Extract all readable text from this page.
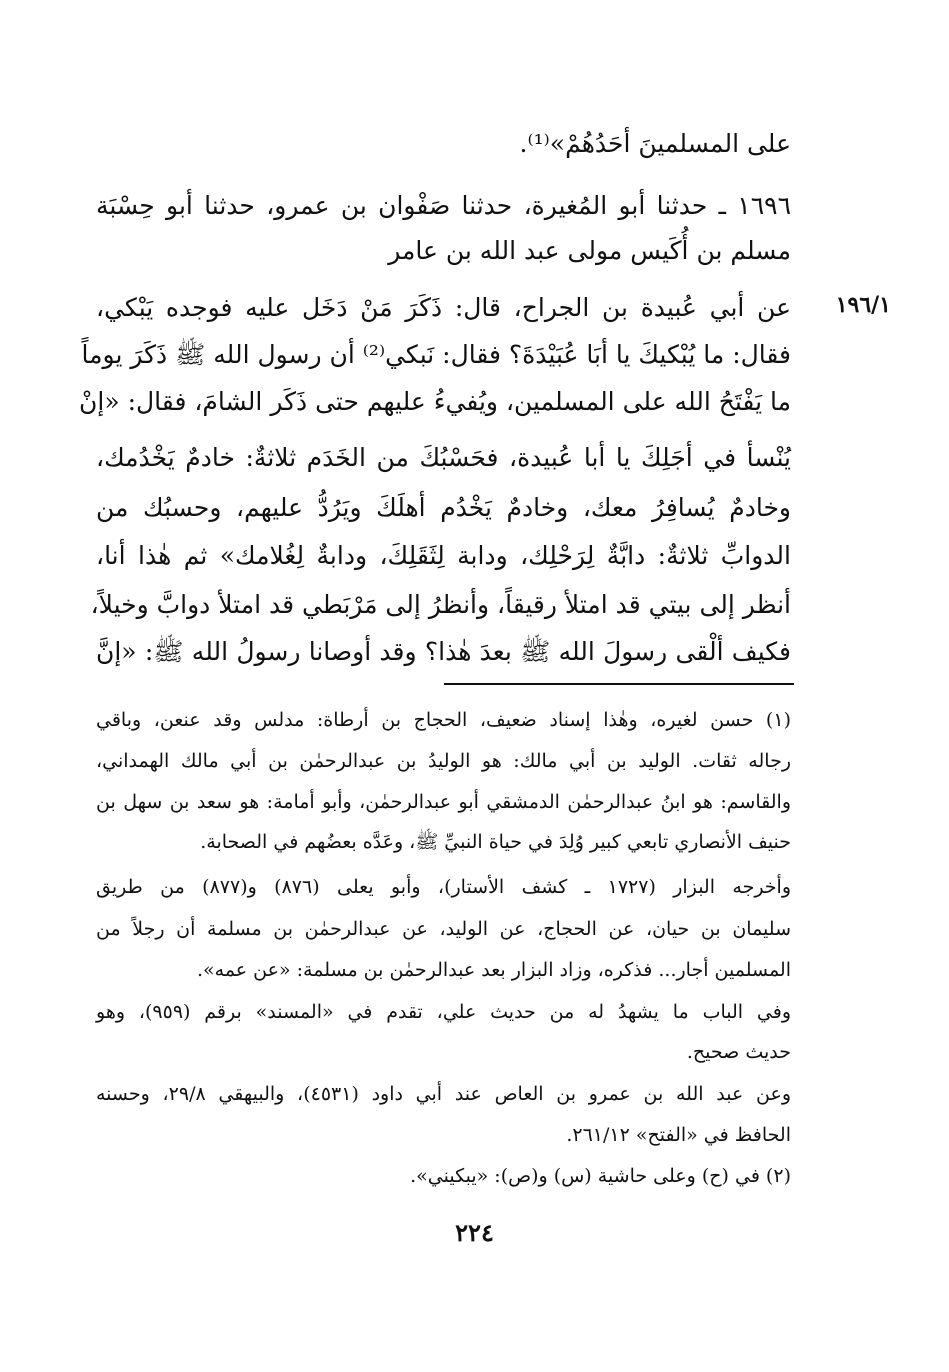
على المسلمينَ أحَدُهُمْ»⁽¹⁾.
١٦٩٦ ـ حدثنا أبو المُغيرة، حدثنا صَفْوان بن عمرو، حدثنا أبو حِسْبَة
مسلم بن أُكَيس مولى عبد الله بن عامر
١٩٦/١
عن أبي عُبيدة بن الجراح، قال: ذَكَرَ مَنْ دَخَل عليه فوجده يَبْكي،
فقال: ما يُبْكيكَ يا أبَا عُبَيْدَةَ؟ فقال: نَبكي⁽²⁾ أن رسول الله ﷺ ذَكَرَ يوماً
ما يَفْتَحُ الله على المسلمين، ويُفيءُ عليهم حتى ذَكَر الشامَ، فقال: «إنْ
يُنْسأ في أجَلِكَ يا أبا عُبيدة، فحَسْبُكَ من الخَدَم ثلاثةٌ: خادمٌ يَخْدُمك،
وخادمٌ يُسافِرُ معك، وخادمٌ يَخْدُم أهلَكَ ويَرُدُّ عليهم، وحسبُك من
الدوابِّ ثلاثةٌ: دابَّةٌ لِرَحْلِك، ودابة لِثَقَلِكَ، ودابةٌ لِغُلامك» ثم هٰذا أنا،
أنظر إلى بيتي قد امتلأ رقيقاً، وأنظرُ إلى مَرْبَطي قد امتلأ دوابَّ وخيلاً،
فكيف ألْقى رسولَ الله ﷺ بعدَ هٰذا؟ وقد أوصانا رسولُ الله ﷺ: «إنَّ
(١) حسن لغيره، وهٰذا إسناد ضعيف، الحجاج بن أرطاة: مدلس وقد عنعن، وباقي
رجاله ثقات. الوليد بن أبي مالك: هو الوليدُ بن عبدالرحمٰن بن أبي مالك الهمداني،
والقاسم: هو ابنُ عبدالرحمٰن الدمشقي أبو عبدالرحمٰن، وأبو أمامة: هو سعد بن سهل بن
حنيف الأنصاري تابعي كبير وُلِدَ في حياة النبيِّ ﷺ، وعَدَّه بعضُهم في الصحابة.
وأخرجه البزار (١٧٢٧ ـ كشف الأستار)، وأبو يعلى (٨٧٦) و(٨٧٧) من طريق
سليمان بن حيان، عن الحجاج، عن الوليد، عن عبدالرحمٰن بن مسلمة أن رجلاً من
المسلمين أجار... فذكره، وزاد البزار بعد عبدالرحمٰن بن مسلمة: «عن عمه».
وفي الباب ما يشهدُ له من حديث علي، تقدم في «المسند» برقم (٩٥٩)، وهو
حديث صحيح.
وعن عبد الله بن عمرو بن العاص عند أبي داود (٤٥٣١)، والبيهقي ٢٩/٨، وحسنه
الحافظ في «الفتح» ٢٦١/١٢.
(٢) في (ح) وعلى حاشية (س) و(ص): «يبكيني».
٢٢٤
